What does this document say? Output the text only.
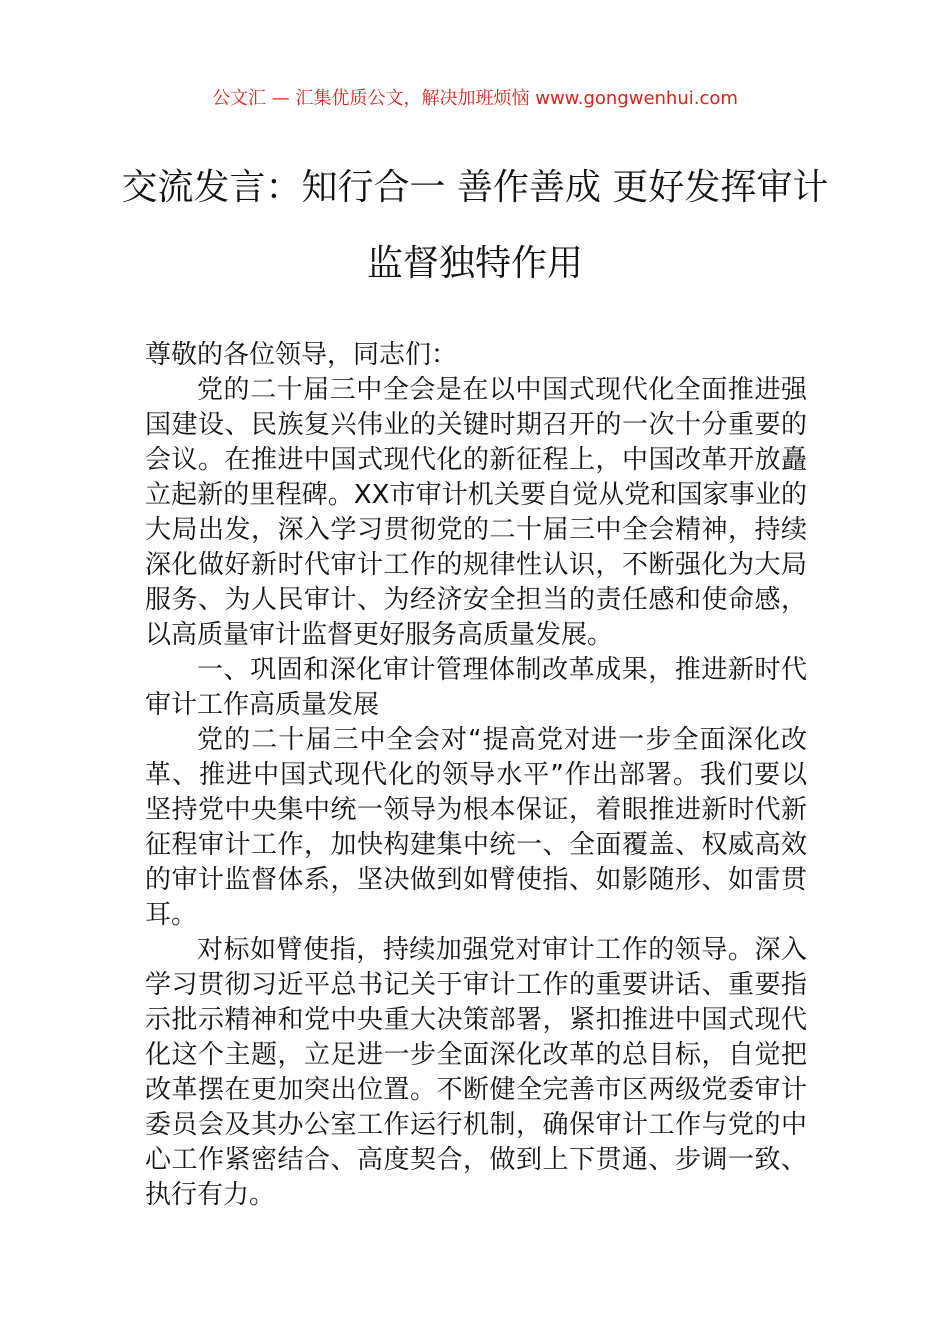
公文汇 — 汇集优质公文，解决加班烦恼 www.gongwenhui.com
交流发言：知行合一 善作善成 更好发挥审计监督独特作用

尊敬的各位领导，同志们：

党的二十届三中全会是在以中国式现代化全面推进强国建设、民族复兴伟业的关键时期召开的一次十分重要的会议。在推进中国式现代化的新征程上，中国改革开放矗立起新的里程碑。XX市审计机关要自觉从党和国家事业的大局出发，深入学习贯彻党的二十届三中全会精神，持续深化做好新时代审计工作的规律性认识，不断强化为大局服务、为人民审计、为经济安全担当的责任感和使命感，以高质量审计监督更好服务高质量发展。

一、巩固和深化审计管理体制改革成果，推进新时代审计工作高质量发展

党的二十届三中全会对“提高党对进一步全面深化改革、推进中国式现代化的领导水平”作出部署。我们要以坚持党中央集中统一领导为根本保证，着眼推进新时代新征程审计工作，加快构建集中统一、全面覆盖、权威高效的审计监督体系，坚决做到如臂使指、如影随形、如雷贯耳。

对标如臂使指，持续加强党对审计工作的领导。深入学习贯彻习近平总书记关于审计工作的重要讲话、重要指示批示精神和党中央重大决策部署，紧扣推进中国式现代化这个主题，立足进一步全面深化改革的总目标，自觉把改革摆在更加突出位置。不断健全完善市区两级党委审计委员会及其办公室工作运行机制，确保审计工作与党的中心工作紧密结合、高度契合，做到上下贯通、步调一致、执行有力。
